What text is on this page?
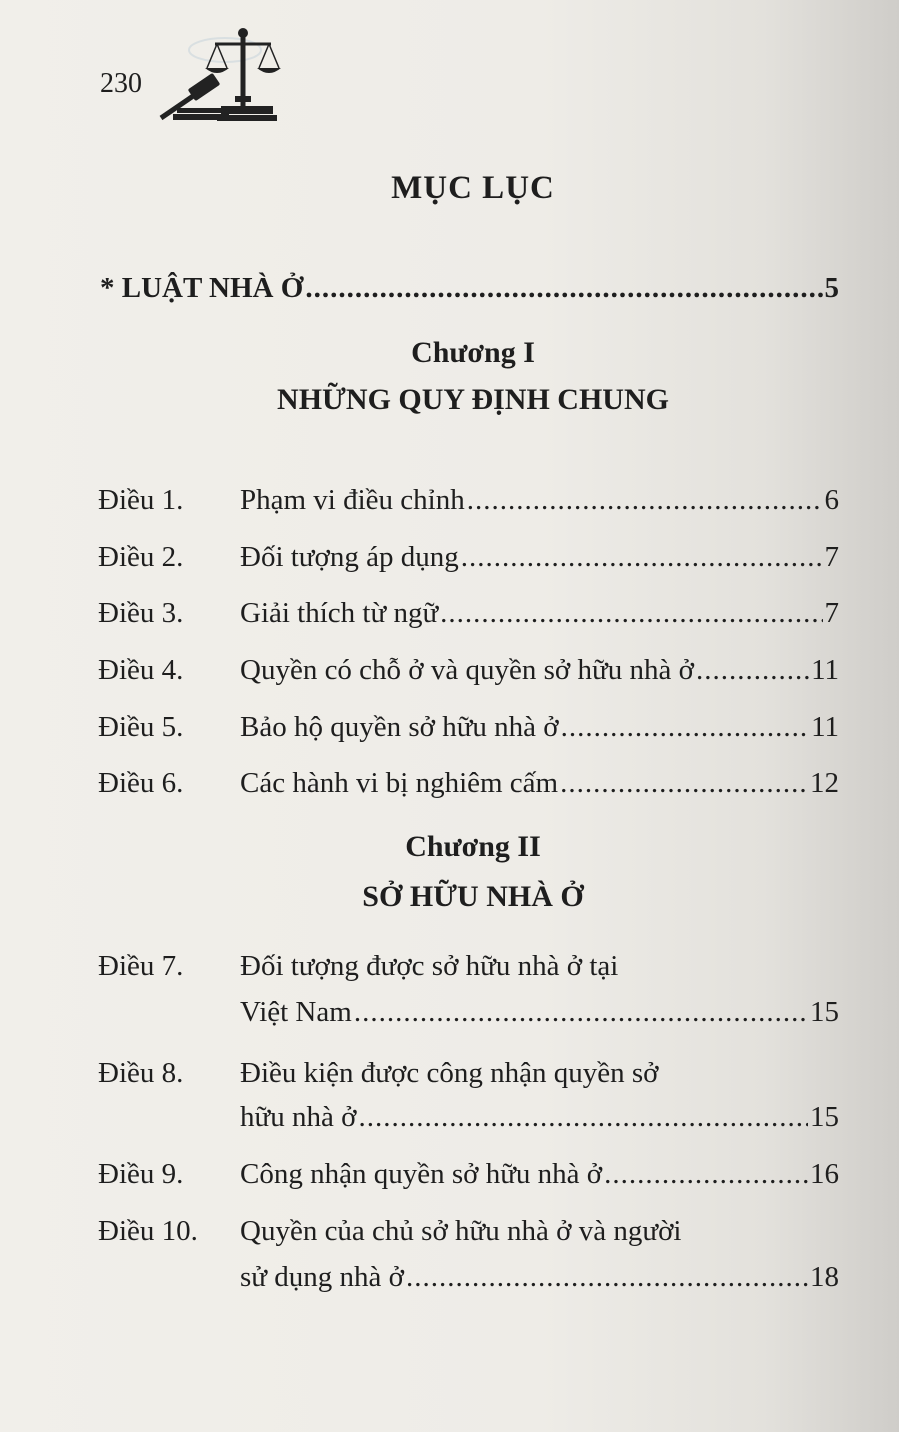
230
MỤC LỤC
* LUẬT NHÀ Ở .....	5
Chương I
NHỮNG QUY ĐỊNH CHUNG
Điều 1. Phạm vi điều chỉnh .....	6
Điều 2. Đối tượng áp dụng .....	7
Điều 3. Giải thích từ ngữ .....	7
Điều 4. Quyền có chỗ ở và quyền sở hữu nhà ở .....	11
Điều 5. Bảo hộ quyền sở hữu nhà ở .....	11
Điều 6. Các hành vi bị nghiêm cấm .....	12
Chương II
SỞ HỮU NHÀ Ở
Điều 7. Đối tượng được sở hữu nhà ở tại
Việt Nam .....	15
Điều 8. Điều kiện được công nhận quyền sở
hữu nhà ở .....	15
Điều 9. Công nhận quyền sở hữu nhà ở .....	16
Điều 10. Quyền của chủ sở hữu nhà ở và người
sử dụng nhà ở .....	18
